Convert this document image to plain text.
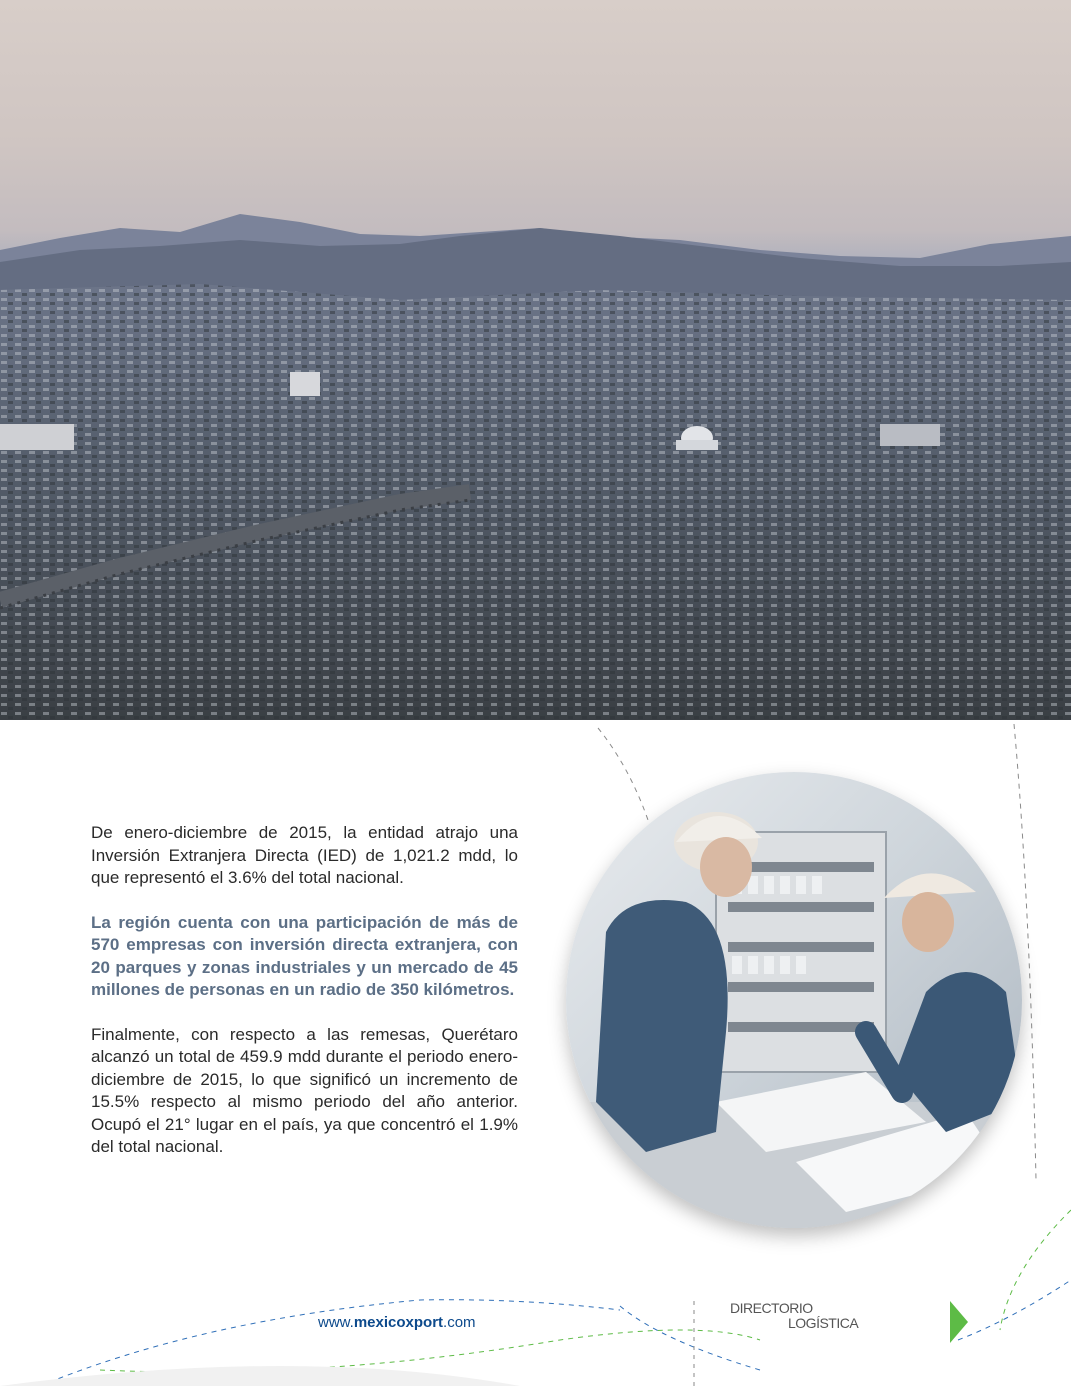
De enero-diciembre de 2015, la entidad atrajo una Inversión Extranjera Directa (IED) de 1,021.2 mdd, lo que representó el 3.6% del total nacional.

La región cuenta con una participación de más de 570 empresas con inversión directa extranjera, con 20 parques y zonas industriales y un mercado de 45 millones de personas en un radio de 350 kilómetros.

Finalmente, con respecto a las remesas, Querétaro alcanzó un total de 459.9 mdd durante el periodo enero-diciembre de 2015, lo que significó un incremento de 15.5% respecto al mismo periodo del año anterior. Ocupó el 21° lugar en el país, ya que concentró el 1.9% del total nacional.

www.mexicoxport.com
DIRECTORIO
LOGÍSTICA
